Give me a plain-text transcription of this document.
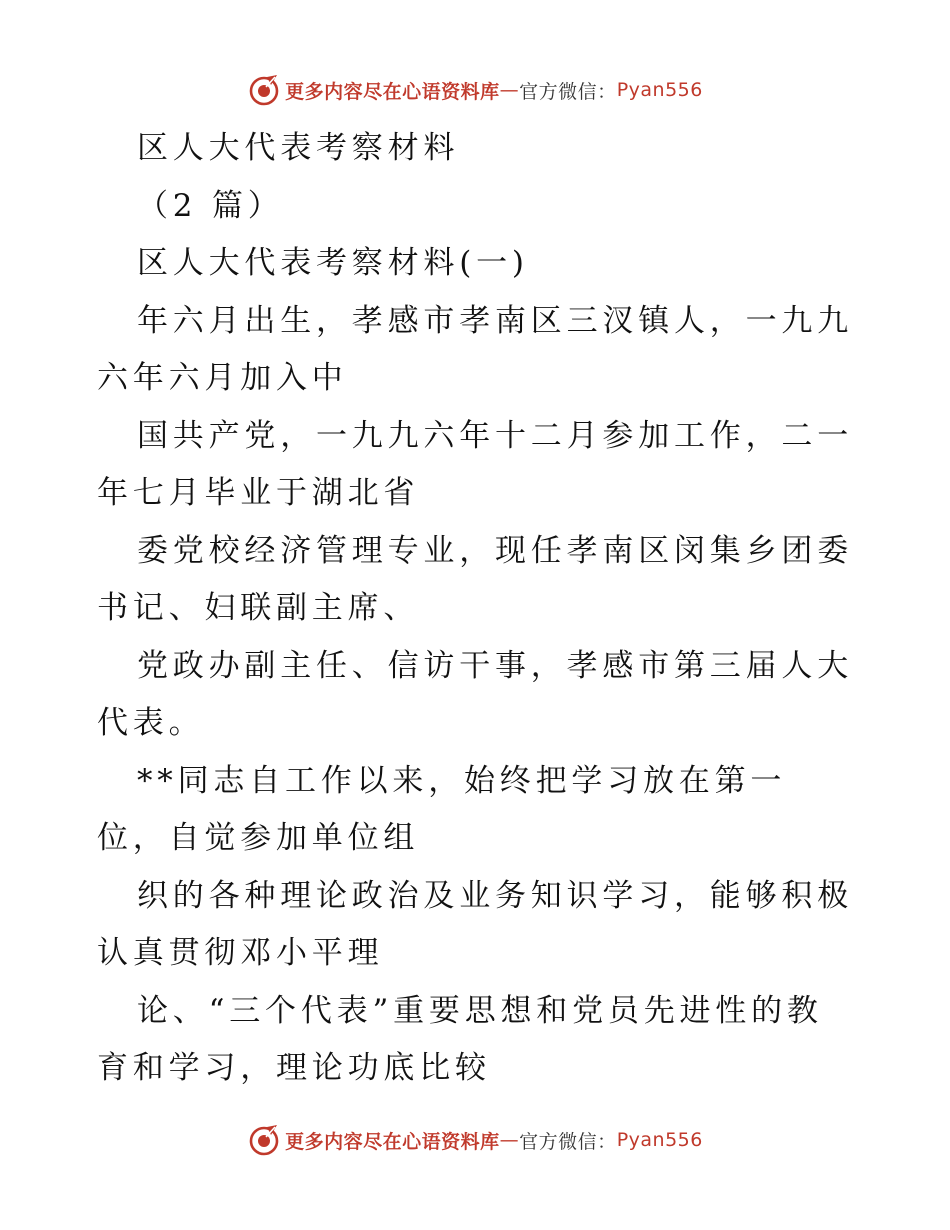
更多内容尽在心语资料库 — 官方微信： Pyan556

区人大代表考察材料

（2 篇）

区人大代表考察材料(一)

年六月出生，孝感市孝南区三汊镇人，一九九六年六月加入中

国共产党，一九九六年十二月参加工作，二一年七月毕业于湖北省

委党校经济管理专业，现任孝南区闵集乡团委书记、妇联副主席、

党政办副主任、信访干事，孝感市第三届人大代表。

**同志自工作以来，始终把学习放在第一位，自觉参加单位组

织的各种理论政治及业务知识学习，能够积极认真贯彻邓小平理

论、“三个代表”重要思想和党员先进性的教育和学习，理论功底比较

更多内容尽在心语资料库 — 官方微信： Pyan556
